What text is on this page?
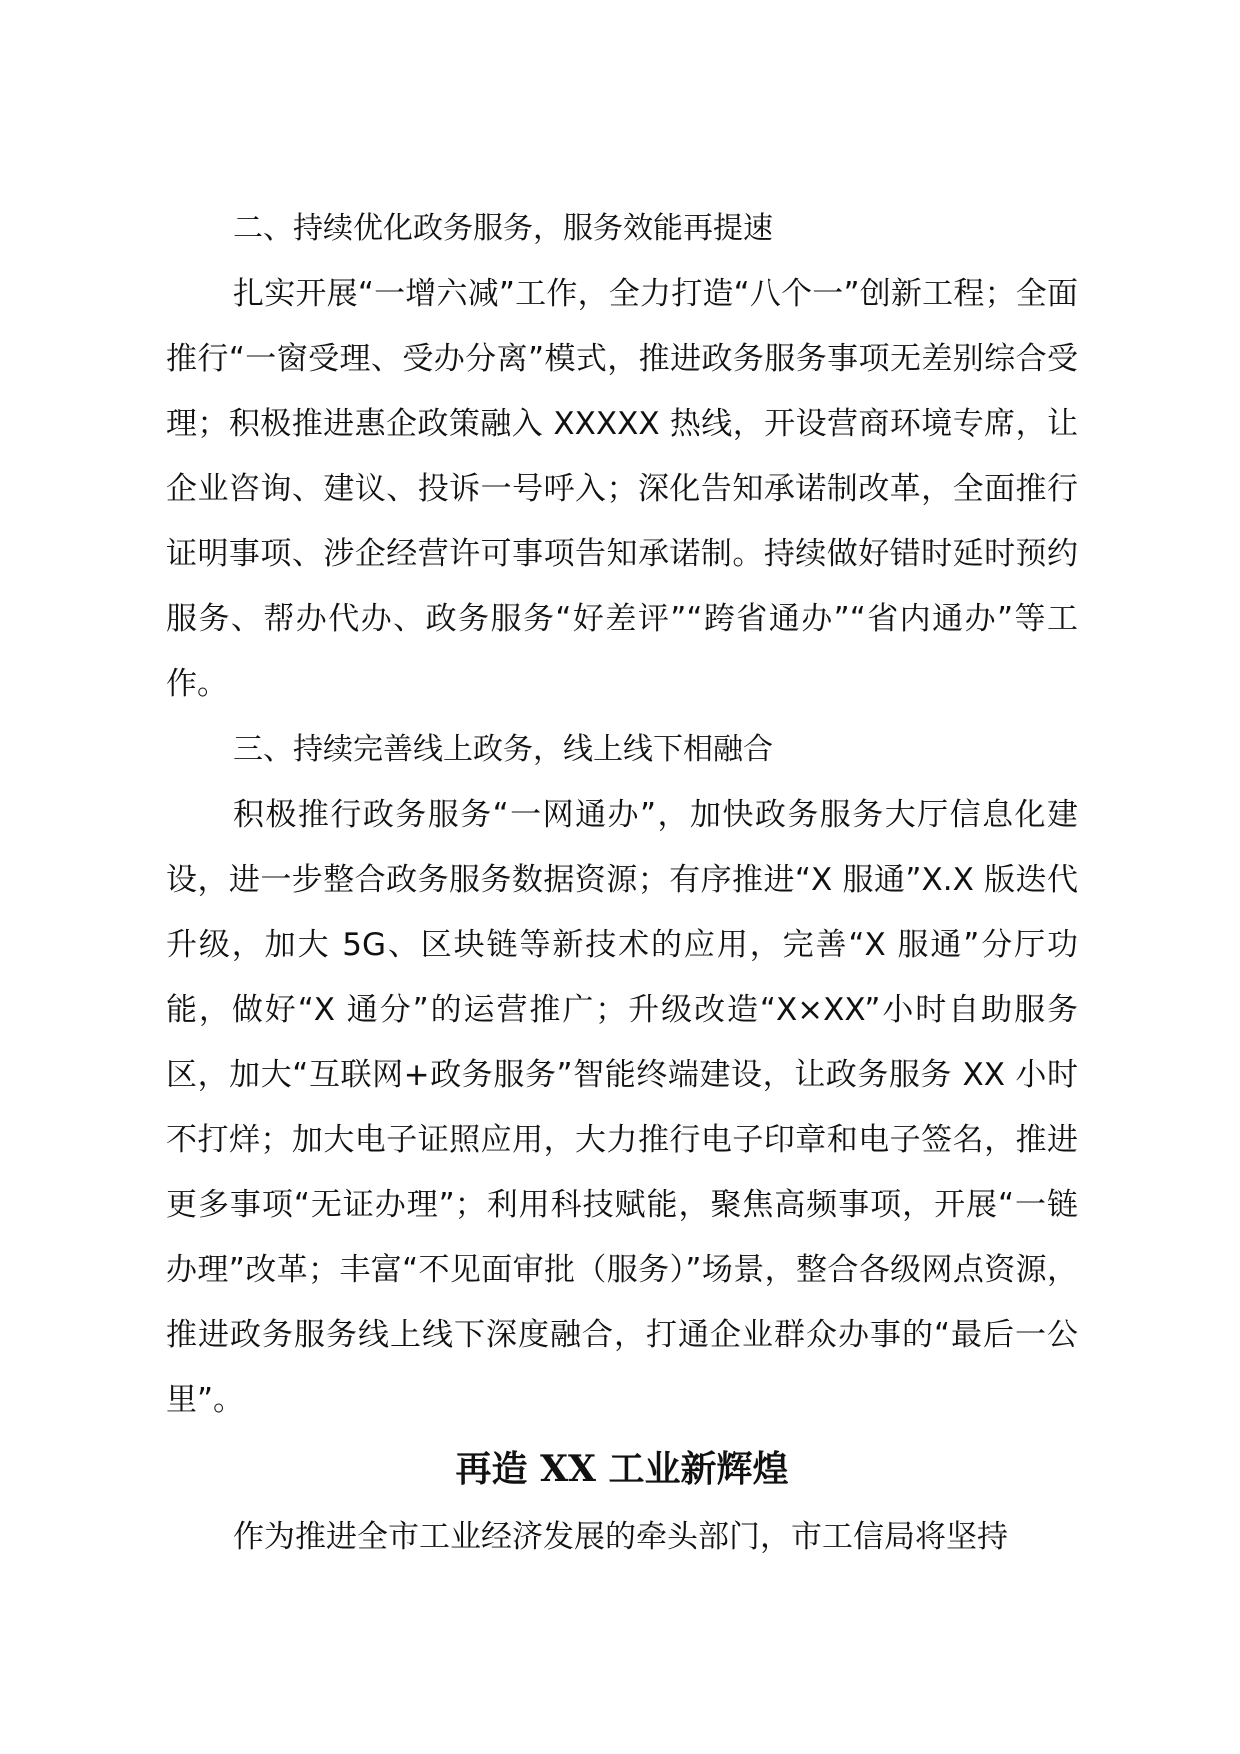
二、持续优化政务服务，服务效能再提速

扎实开展“一增六减”工作，全力打造“八个一”创新工程；全面推行“一窗受理、受办分离”模式，推进政务服务事项无差别综合受理；积极推进惠企政策融入 XXXXX 热线，开设营商环境专席，让企业咨询、建议、投诉一号呼入；深化告知承诺制改革，全面推行证明事项、涉企经营许可事项告知承诺制。持续做好错时延时预约服务、帮办代办、政务服务“好差评”“跨省通办”“省内通办”等工作。

三、持续完善线上政务，线上线下相融合

积极推行政务服务“一网通办”，加快政务服务大厅信息化建设，进一步整合政务服务数据资源；有序推进“X 服通”X.X 版迭代升级，加大 5G、区块链等新技术的应用，完善“X 服通”分厅功能，做好“X 通分”的运营推广；升级改造“X×XX”小时自助服务区，加大“互联网+政务服务”智能终端建设，让政务服务 XX 小时不打烊；加大电子证照应用，大力推行电子印章和电子签名，推进更多事项“无证办理”；利用科技赋能，聚焦高频事项，开展“一链办理”改革；丰富“不见面审批（服务）”场景，整合各级网点资源，推进政务服务线上线下深度融合，打通企业群众办事的“最后一公里”。

再造 XX 工业新辉煌

作为推进全市工业经济发展的牵头部门，市工信局将坚持
